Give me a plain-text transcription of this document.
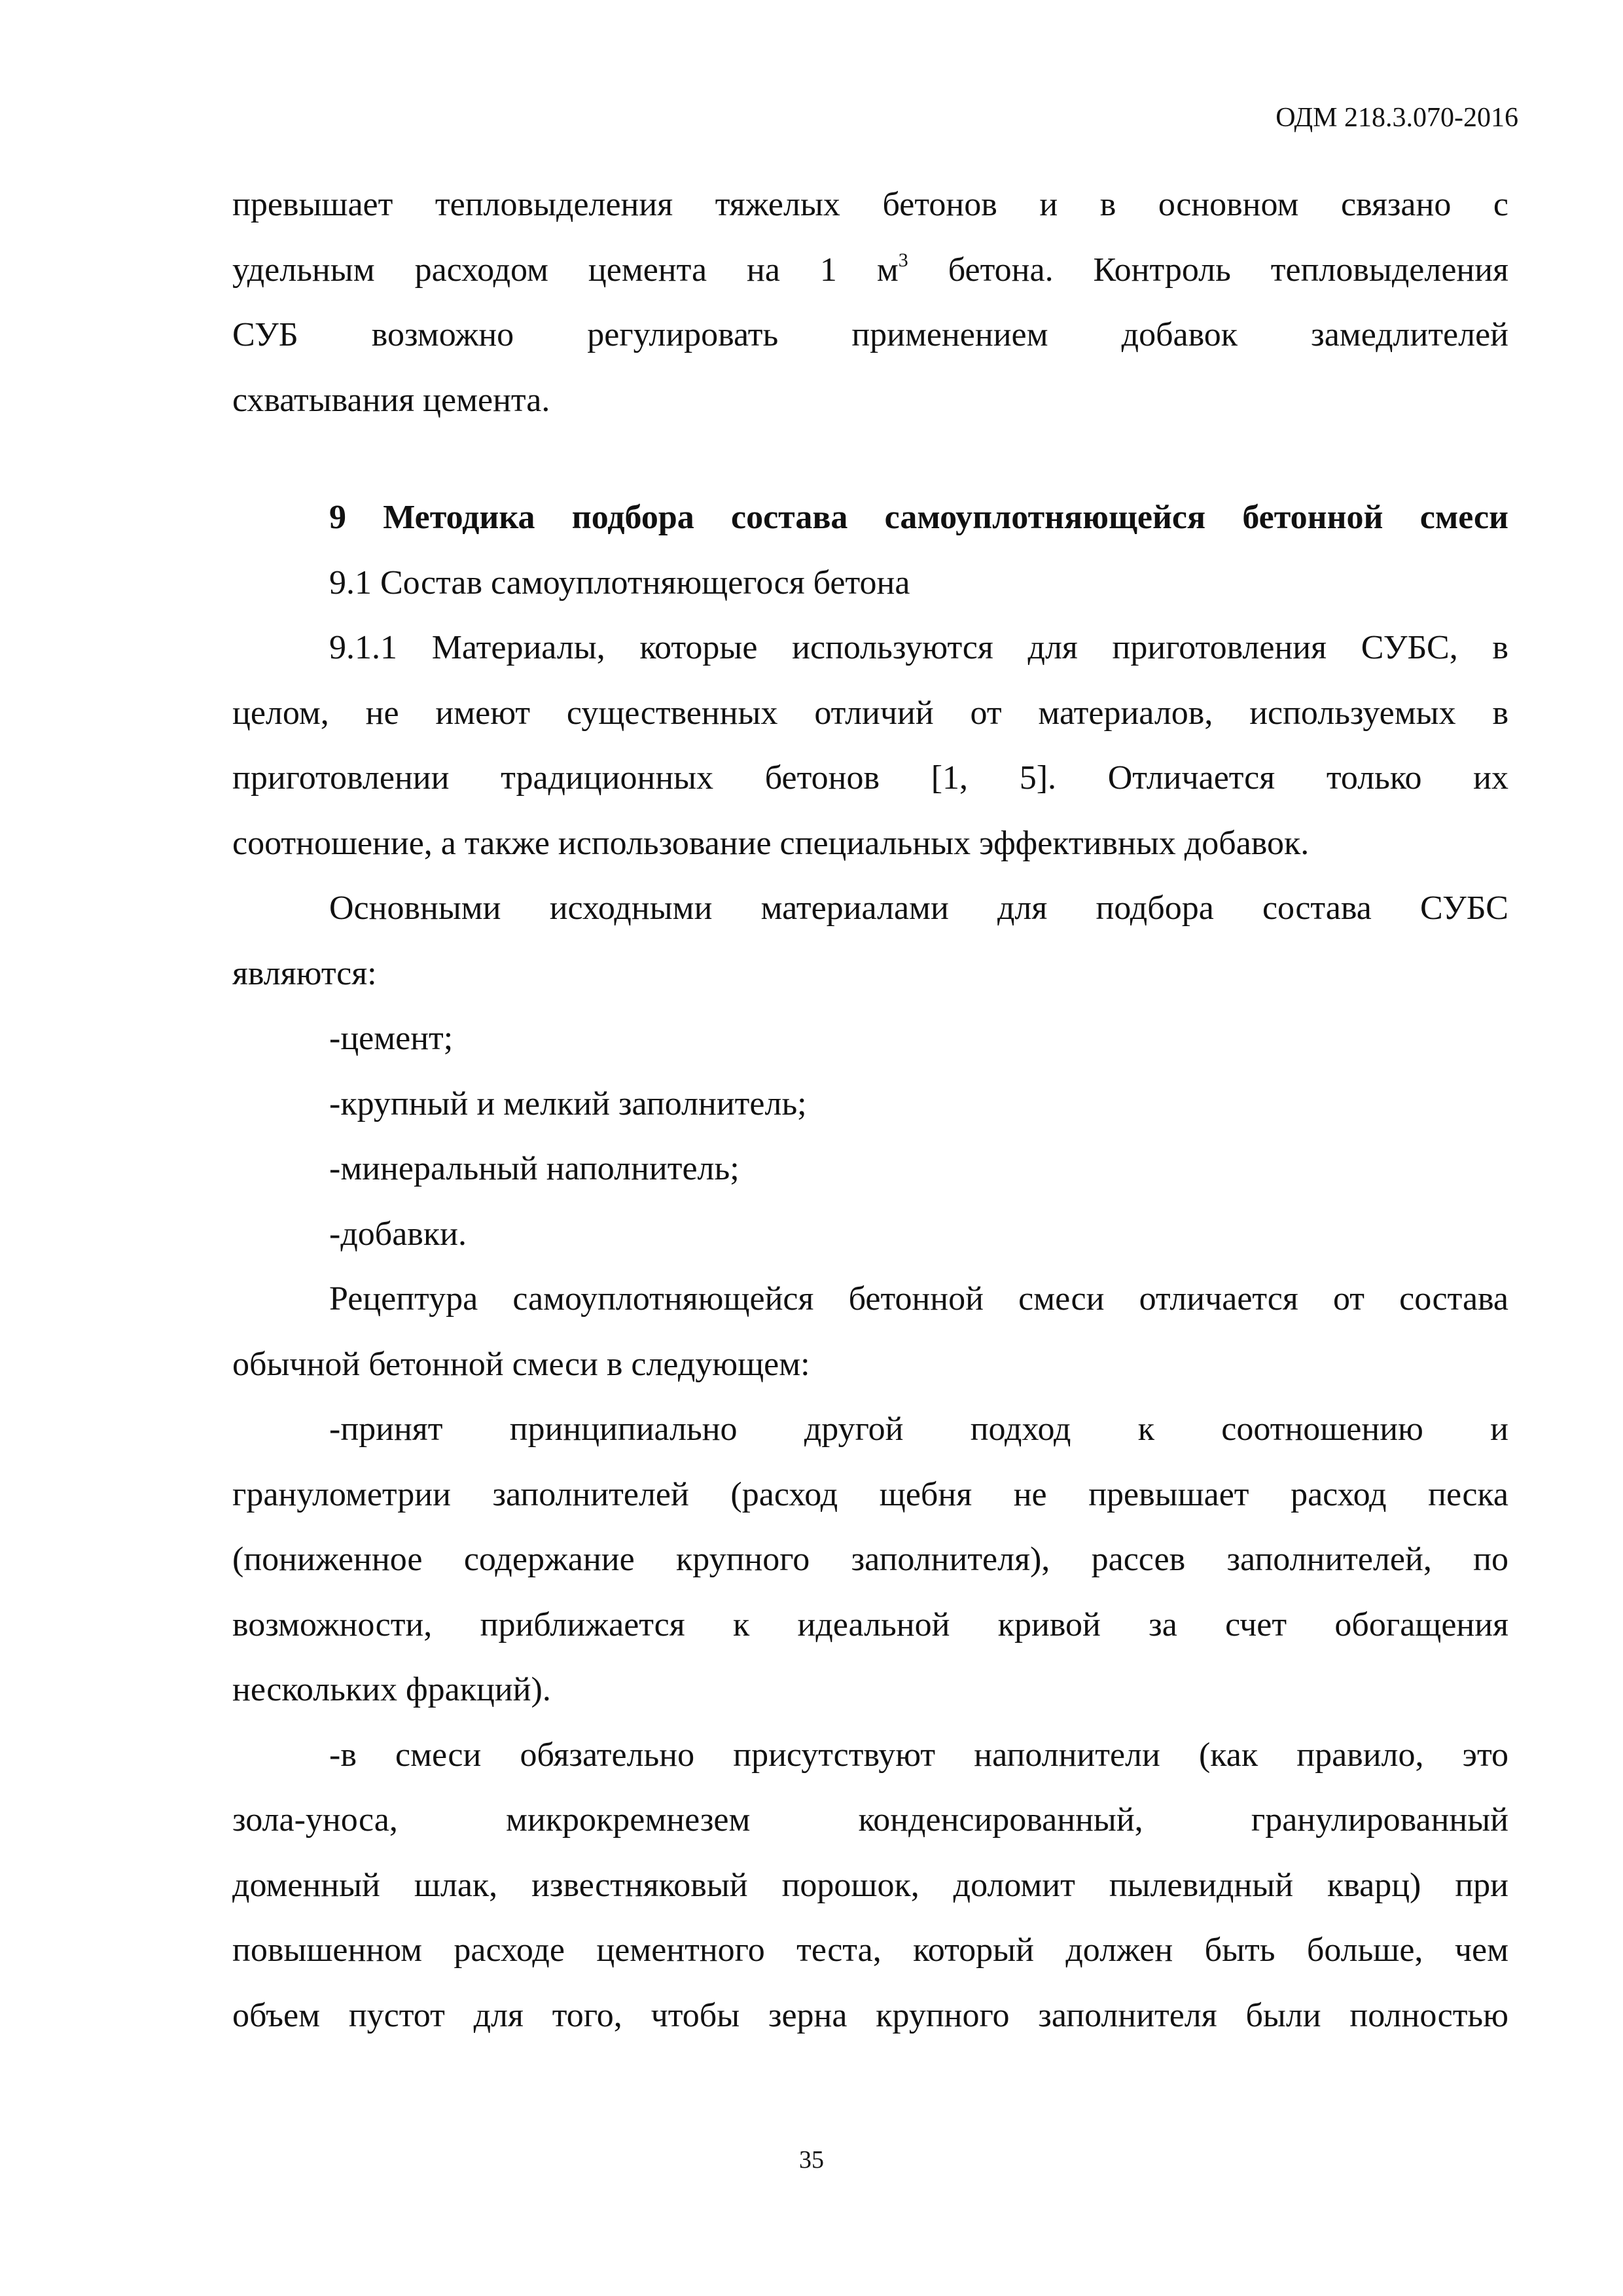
ОДМ 218.3.070-2016
превышает тепловыделения тяжелых бетонов и в основном связано с
удельным расходом цемента на 1 $м^3$ бетона. Контроль тепловыделения
СУБ возможно регулировать применением добавок замедлителей
схватывания цемента.
9 Методика подбора состава самоуплотняющейся бетонной смеси
9.1 Состав самоуплотняющегося бетона
9.1.1 Материалы, которые используются для приготовления СУБС, в
целом, не имеют существенных отличий от материалов, используемых в
приготовлении традиционных бетонов [1, 5]. Отличается только их
соотношение, а также использование специальных эффективных добавок.
Основными исходными материалами для подбора состава СУБС
являются:
-цемент;
-крупный и мелкий заполнитель;
-минеральный наполнитель;
-добавки.
Рецептура самоуплотняющейся бетонной смеси отличается от состава
обычной бетонной смеси в следующем:
-принят принципиально другой подход к соотношению и
гранулометрии заполнителей (расход щебня не превышает расход песка
(пониженное содержание крупного заполнителя), рассев заполнителей, по
возможности, приближается к идеальной кривой за счет обогащения
нескольких фракций).
-в смеси обязательно присутствуют наполнители (как правило, это
зола-уноса, микрокремнезем конденсированный, гранулированный
доменный шлак, известняковый порошок, доломит пылевидный кварц) при
повышенном расходе цементного теста, который должен быть больше, чем
объем пустот для того, чтобы зерна крупного заполнителя были полностью
35
